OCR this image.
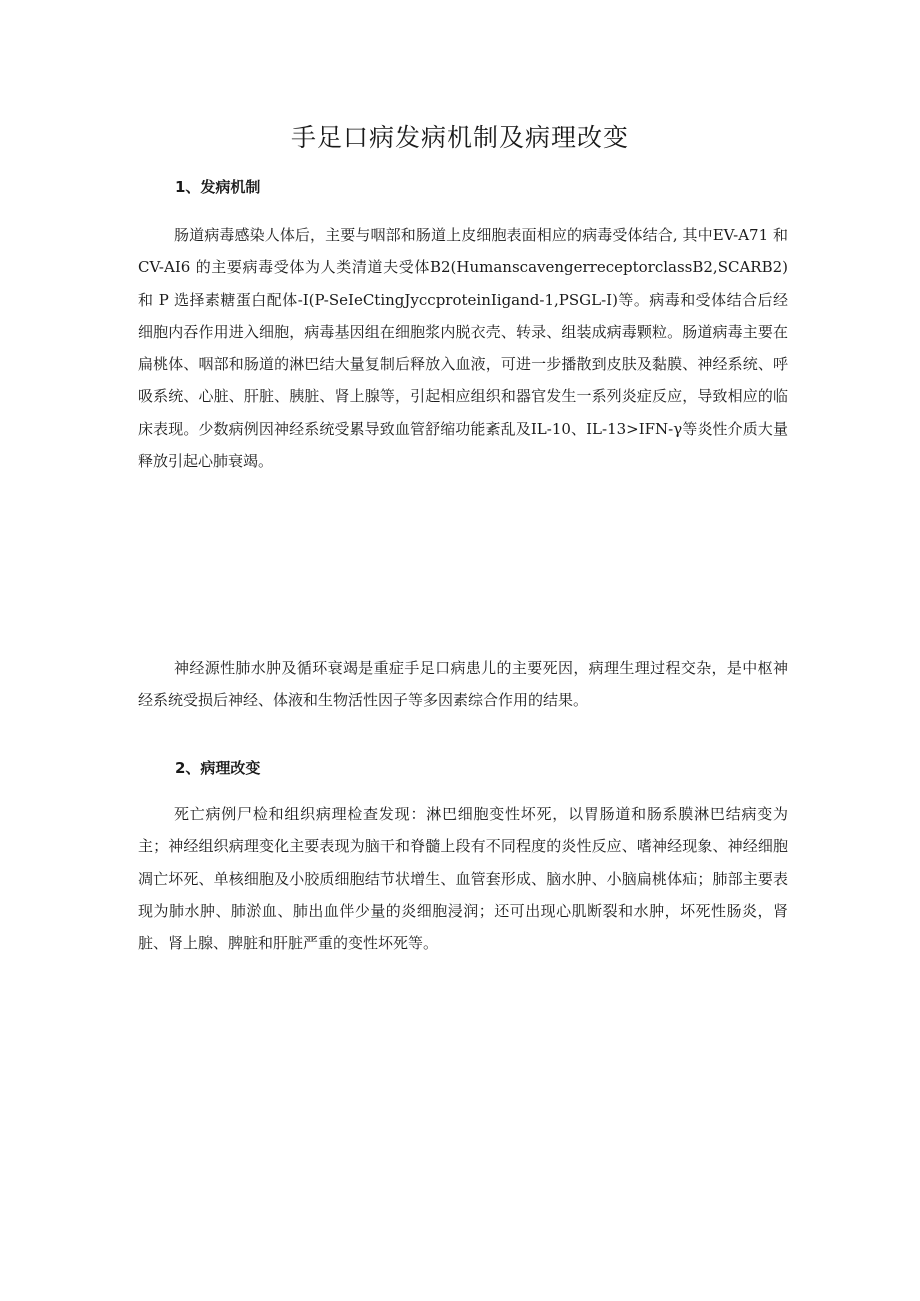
手足口病发病机制及病理改变
1、发病机制

肠道病毒感染人体后，主要与咽部和肠道上皮细胞表面相应的病毒受体结合, 其中EV-A71 和 CV-AI6 的主要病毒受体为人类清道夫受体B2(HumanscavengerreceptorclassB2,SCARB2) 和 P 选择素糖蛋白配体-I(P-SeIeCtingJyccproteinIigand-1,PSGL-I)等。病毒和受体结合后经细胞内吞作用进入细胞，病毒基因组在细胞浆内脱衣壳、转录、组装成病毒颗粒。肠道病毒主要在扁桃体、咽部和肠道的淋巴结大量复制后释放入血液，可进一步播散到皮肤及黏膜、神经系统、呼吸系统、心脏、肝脏、胰脏、肾上腺等，引起相应组织和器官发生一系列炎症反应，导致相应的临床表现。少数病例因神经系统受累导致血管舒缩功能紊乱及IL-10、IL-13>IFN-γ等炎性介质大量释放引起心肺衰竭。

神经源性肺水肿及循环衰竭是重症手足口病患儿的主要死因，病理生理过程交杂，是中枢神经系统受损后神经、体液和生物活性因子等多因素综合作用的结果。

2、病理改变

死亡病例尸检和组织病理检查发现：淋巴细胞变性坏死，以胃肠道和肠系膜淋巴结病变为主；神经组织病理变化主要表现为脑干和脊髓上段有不同程度的炎性反应、嗜神经现象、神经细胞凋亡坏死、单核细胞及小胶质细胞结节状增生、血管套形成、脑水肿、小脑扁桃体疝；肺部主要表现为肺水肿、肺淤血、肺出血伴少量的炎细胞浸润；还可出现心肌断裂和水肿，坏死性肠炎，肾脏、肾上腺、脾脏和肝脏严重的变性坏死等。
